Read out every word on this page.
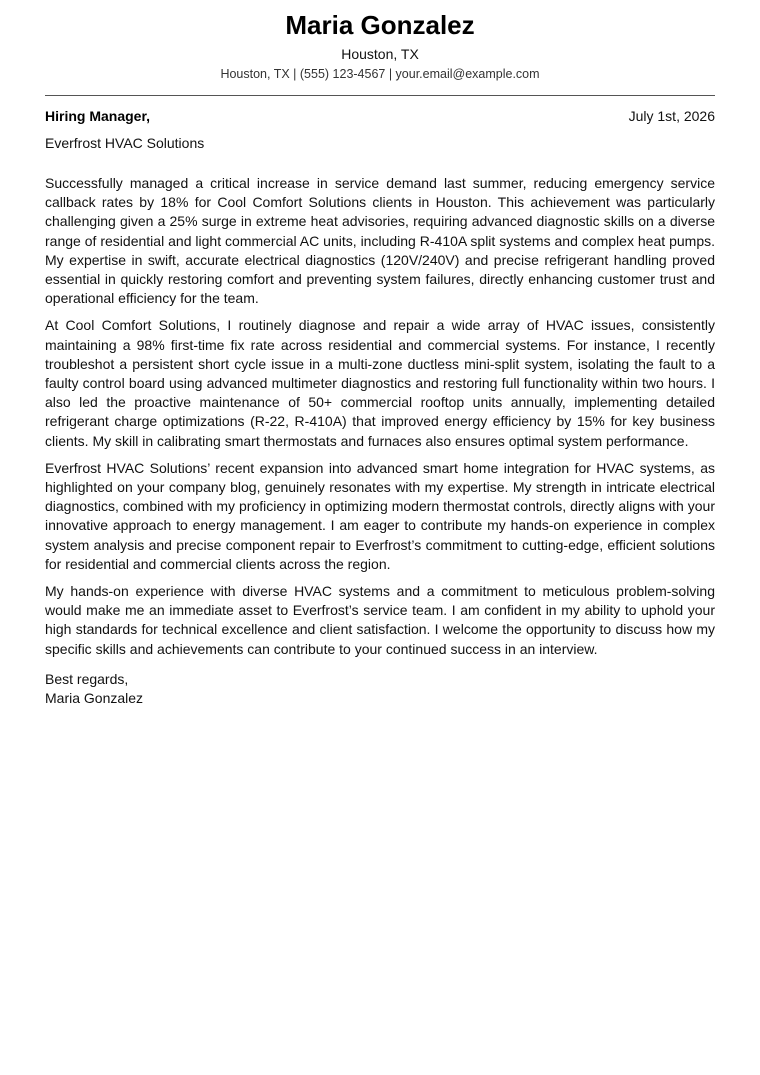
Maria Gonzalez
Houston, TX
Houston, TX | (555) 123-4567 | your.email@example.com
Hiring Manager,	July 1st, 2026
Everfrost HVAC Solutions

Successfully managed a critical increase in service demand last summer, reducing emergency service callback rates by 18% for Cool Comfort Solutions clients in Houston. This achievement was particularly challenging given a 25% surge in extreme heat advisories, requiring advanced diagnostic skills on a diverse range of residential and light commercial AC units, including R-410A split systems and complex heat pumps. My expertise in swift, accurate electrical diagnostics (120V/240V) and precise refrigerant handling proved essential in quickly restoring comfort and preventing system failures, directly enhancing customer trust and operational efficiency for the team.

At Cool Comfort Solutions, I routinely diagnose and repair a wide array of HVAC issues, consistently maintaining a 98% first-time fix rate across residential and commercial systems. For instance, I recently troubleshot a persistent short cycle issue in a multi-zone ductless mini-split system, isolating the fault to a faulty control board using advanced multimeter diagnostics and restoring full functionality within two hours. I also led the proactive maintenance of 50+ commercial rooftop units annually, implementing detailed refrigerant charge optimizations (R-22, R-410A) that improved energy efficiency by 15% for key business clients. My skill in calibrating smart thermostats and furnaces also ensures optimal system performance.

Everfrost HVAC Solutions’ recent expansion into advanced smart home integration for HVAC systems, as highlighted on your company blog, genuinely resonates with my expertise. My strength in intricate electrical diagnostics, combined with my proficiency in optimizing modern thermostat controls, directly aligns with your innovative approach to energy management. I am eager to contribute my hands-on experience in complex system analysis and precise component repair to Everfrost’s commitment to cutting-edge, efficient solutions for residential and commercial clients across the region.

My hands-on experience with diverse HVAC systems and a commitment to meticulous problem-solving would make me an immediate asset to Everfrost’s service team. I am confident in my ability to uphold your high standards for technical excellence and client satisfaction. I welcome the opportunity to discuss how my specific skills and achievements can contribute to your continued success in an interview.

Best regards,
Maria Gonzalez
